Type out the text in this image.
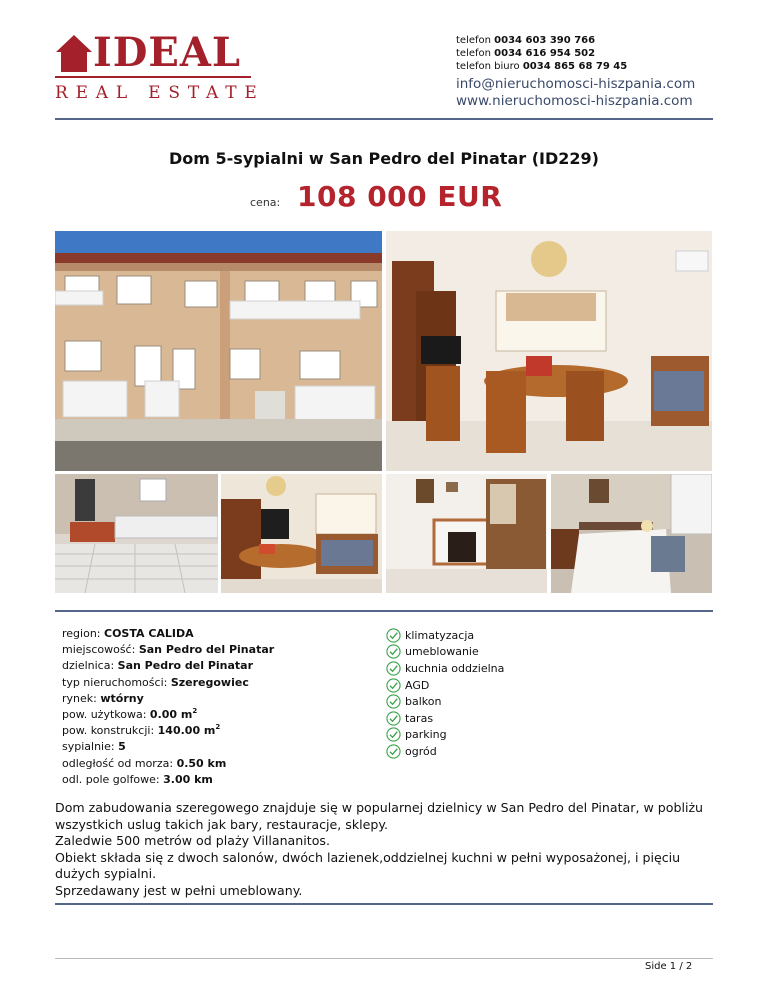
IDEAL
REAL ESTATE
telefon 0034 603 390 766
telefon 0034 616 954 502
telefon biuro 0034 865 68 79 45
info@nieruchomosci-hiszpania.com
www.nieruchomosci-hiszpania.com
Dom 5-sypialni w San Pedro del Pinatar (ID229)
cena: 108 000 EUR
region: COSTA CALIDA
miejscowość: San Pedro del Pinatar
dzielnica: San Pedro del Pinatar
typ nieruchomości: Szeregowiec
rynek: wtórny
pow. użytkowa: 0.00 $m^2$
pow. konstrukcji: 140.00 $m^2$
sypialnie: 5
odległość od morza: 0.50 km
odl. pole golfowe: 3.00 km
klimatyzacja
umeblowanie
kuchnia oddzielna
AGD
balkon
taras
parking
ogród

Dom zabudowania szeregowego znajduje się w popularnej dzielnicy w San Pedro del Pinatar, w pobliżu wszystkich uslug takich jak bary, restauracje, sklepy.

Zaledwie 500 metrów od plaży Villananitos.

Obiekt składa się z dwoch salonów, dwóch lazienek,oddzielnej kuchni w pełni wyposażonej, i pięciu dużych sypialni.

Sprzedawany jest w pełni umeblowany.

Side 1 / 2
